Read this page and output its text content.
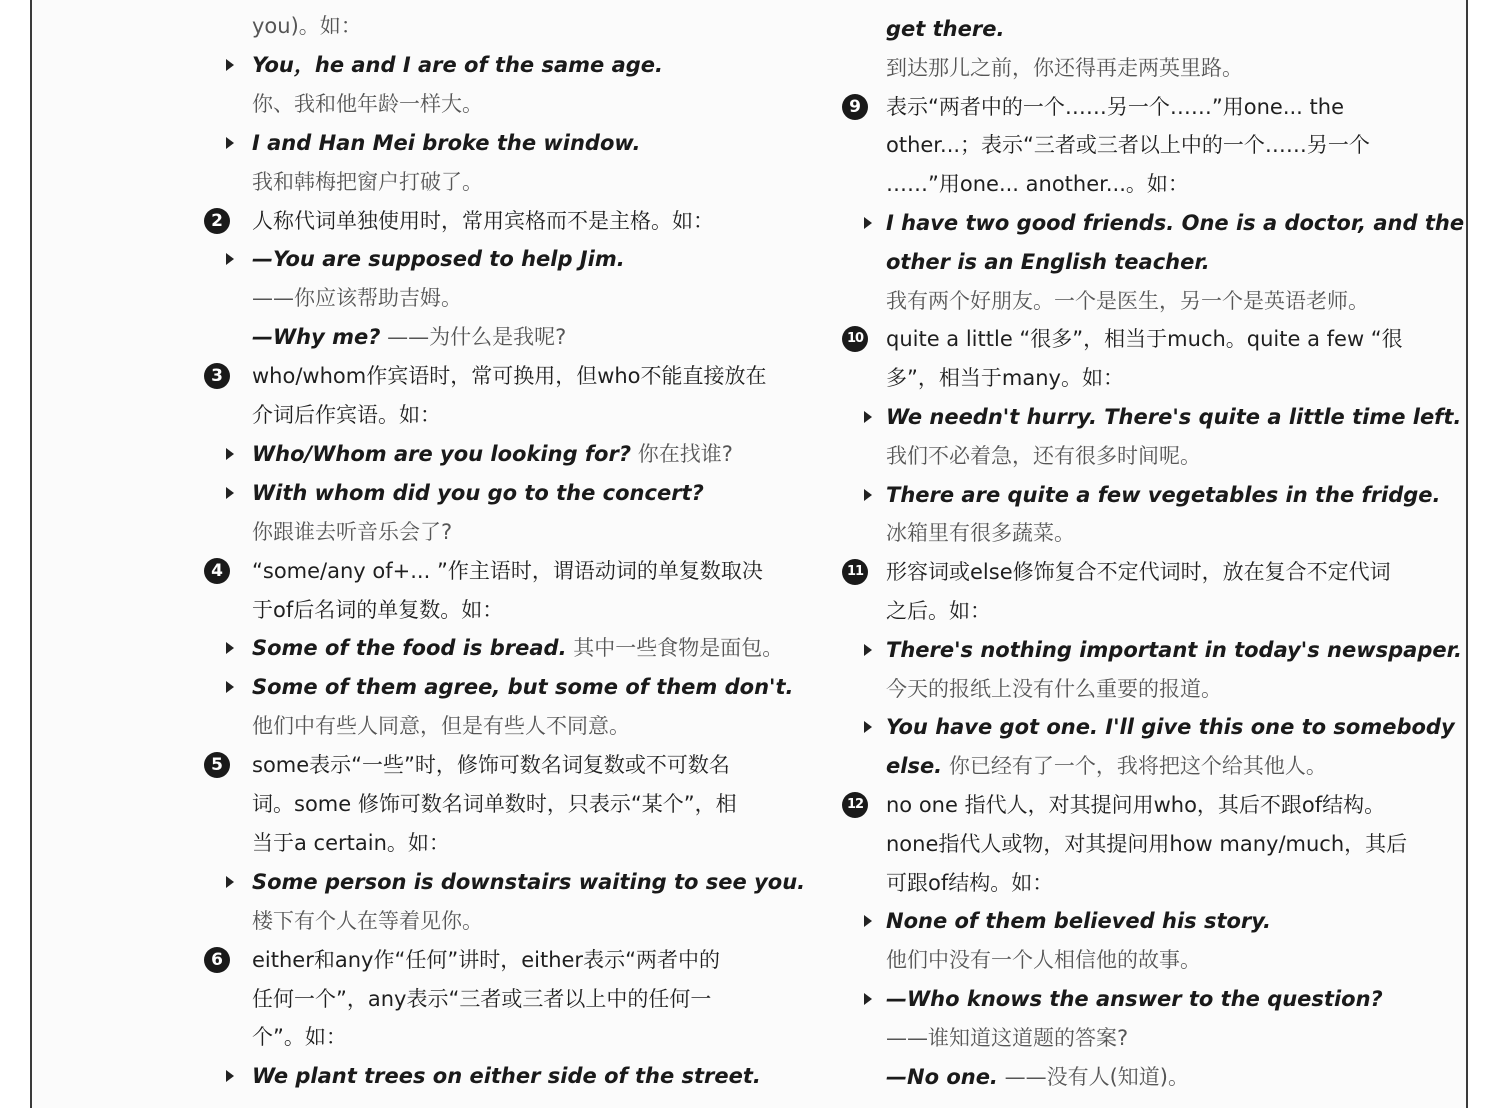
you)。如：
You，he and I are of the same age.
你、我和他年龄一样大。
I and Han Mei broke the window.
我和韩梅把窗户打破了。
2	人称代词单独使用时，常用宾格而不是主格。如：
—You are supposed to help Jim.
——你应该帮助吉姆。
—Why me? ——为什么是我呢?
3	who/whom作宾语时，常可换用，但who不能直接放在
介词后作宾语。如：
Who/Whom are you looking for? 你在找谁?
With whom did you go to the concert?
你跟谁去听音乐会了?
4	“some/any of+... ”作主语时，谓语动词的单复数取决
于of后名词的单复数。如：
Some of the food is bread. 其中一些食物是面包。
Some of them agree, but some of them don't.
他们中有些人同意，但是有些人不同意。
5	some表示“一些”时，修饰可数名词复数或不可数名
词。some 修饰可数名词单数时，只表示“某个”，相
当于a certain。如：
Some person is downstairs waiting to see you.
楼下有个人在等着见你。
6	either和any作“任何”讲时，either表示“两者中的
任何一个”，any表示“三者或三者以上中的任何一
个”。如：
We plant trees on either side of the street.
get there.
到达那儿之前，你还得再走两英里路。
9	表示“两者中的一个……另一个……”用one... the
other...；表示“三者或三者以上中的一个……另一个
……”用one... another...。如：
I have two good friends. One is a doctor, and the
other is an English teacher.
我有两个好朋友。一个是医生，另一个是英语老师。
10 quite a little “很多”，相当于much。quite a few “很
多”，相当于many。如：
We needn't hurry. There's quite a little time left.
我们不必着急，还有很多时间呢。
There are quite a few vegetables in the fridge.
冰箱里有很多蔬菜。
11 形容词或else修饰复合不定代词时，放在复合不定代词
之后。如：
There's nothing important in today's newspaper.
今天的报纸上没有什么重要的报道。
You have got one. I'll give this one to somebody
else. 你已经有了一个，我将把这个给其他人。
12 no one 指代人，对其提问用who，其后不跟of结构。
none指代人或物，对其提问用how many/much，其后
可跟of结构。如：
None of them believed his story.
他们中没有一个人相信他的故事。
—Who knows the answer to the question?
——谁知道这道题的答案?
—No one. ——没有人(知道)。
